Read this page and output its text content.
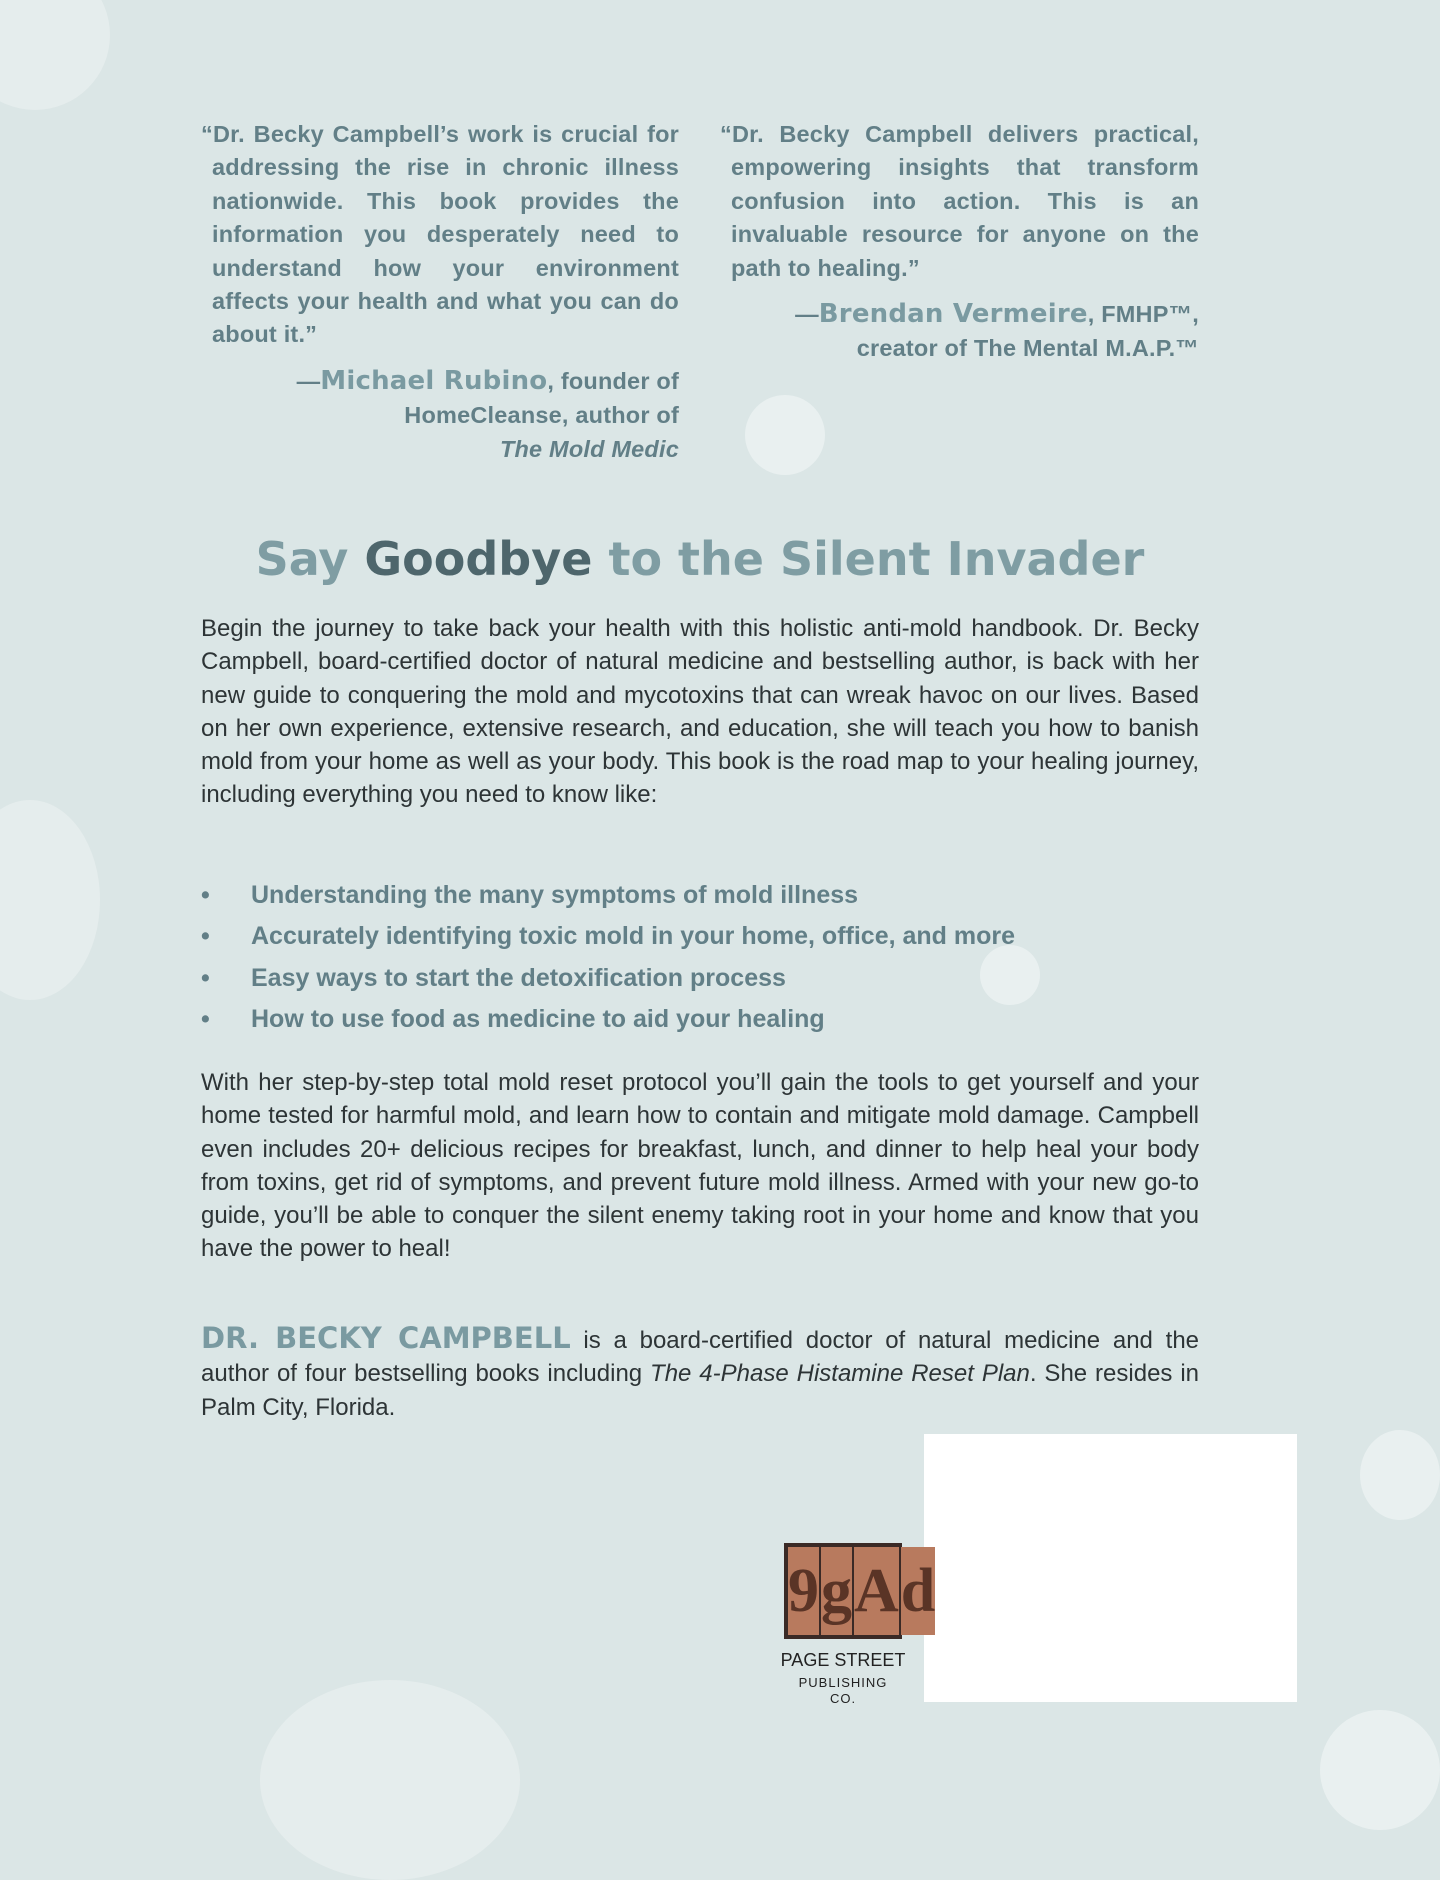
“Dr. Becky Campbell’s work is crucial for addressing the rise in chronic illness nationwide. This book provides the information you desperately need to understand how your environment affects your health and what you can do about it.”
—Michael Rubino, founder of HomeCleanse, author of
The Mold Medic
“Dr. Becky Campbell delivers practical, empowering insights that transform confusion into action. This is an invaluable resource for anyone on the path to healing.”
—Brendan Vermeire, FMHP™,
creator of The Mental M.A.P.™
Say Goodbye to the Silent Invader
Begin the journey to take back your health with this holistic anti-mold handbook. Dr. Becky Campbell, board-certified doctor of natural medicine and bestselling author, is back with her new guide to conquering the mold and mycotoxins that can wreak havoc on our lives. Based on her own experience, extensive research, and education, she will teach you how to banish mold from your home as well as your body. This book is the road map to your healing journey, including everything you need to know like:
• Understanding the many symptoms of mold illness
• Accurately identifying toxic mold in your home, office, and more
• Easy ways to start the detoxification process
• How to use food as medicine to aid your healing
With her step-by-step total mold reset protocol you’ll gain the tools to get yourself and your home tested for harmful mold, and learn how to contain and mitigate mold damage. Campbell even includes 20+ delicious recipes for breakfast, lunch, and dinner to help heal your body from toxins, get rid of symptoms, and prevent future mold illness. Armed with your new go-to guide, you’ll be able to conquer the silent enemy taking root in your home and know that you have the power to heal!
DR. BECKY CAMPBELL is a board-certified doctor of natural medicine and the author of four bestselling books including The 4-Phase Histamine Reset Plan. She resides in Palm City, Florida.
9 g A d
PAGE STREET
PUBLISHING CO.
